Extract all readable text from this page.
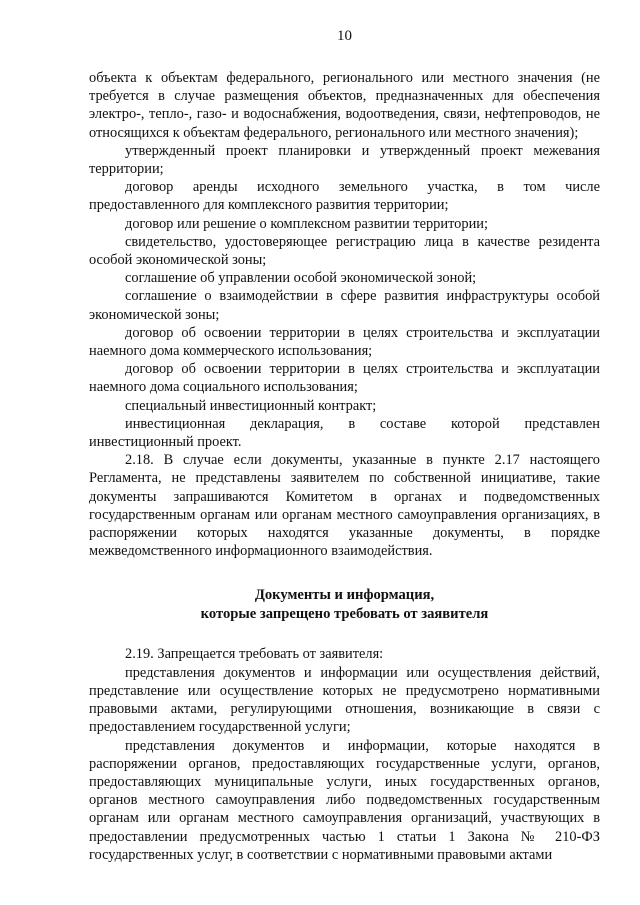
10

объекта к объектам федерального, регионального или местного значения (не требуется в случае размещения объектов, предназначенных для обеспечения электро-, тепло-, газо- и водоснабжения, водоотведения, связи, нефтепроводов, не относящихся к объектам федерального, регионального или местного значения);

утвержденный проект планировки и утвержденный проект межевания территории;

договор аренды исходного земельного участка, в том числе предоставленного для комплексного развития территории;

договор или решение о комплексном развитии территории;

свидетельство, удостоверяющее регистрацию лица в качестве резидента особой экономической зоны;

соглашение об управлении особой экономической зоной;

соглашение о взаимодействии в сфере развития инфраструктуры особой экономической зоны;

договор об освоении территории в целях строительства и эксплуатации наемного дома коммерческого использования;

договор об освоении территории в целях строительства и эксплуатации наемного дома социального использования;

специальный инвестиционный контракт;

инвестиционная декларация, в составе которой представлен инвестиционный проект.

2.18. В случае если документы, указанные в пункте 2.17 настоящего Регламента, не представлены заявителем по собственной инициативе, такие документы запрашиваются Комитетом в органах и подведомственных государственным органам или органам местного самоуправления организациях, в распоряжении которых находятся указанные документы, в порядке межведомственного информационного взаимодействия.

Документы и информация,
которые запрещено требовать от заявителя

2.19. Запрещается требовать от заявителя:

представления документов и информации или осуществления действий, представление или осуществление которых не предусмотрено нормативными правовыми актами, регулирующими отношения, возникающие в связи с предоставлением государственной услуги;

представления документов и информации, которые находятся в распоряжении органов, предоставляющих государственные услуги, органов, предоставляющих муниципальные услуги, иных государственных органов, органов местного самоуправления либо подведомственных государственным органам или органам местного самоуправления организаций, участвующих в предоставлении предусмотренных частью 1 статьи 1 Закона № 210-ФЗ государственных услуг, в соответствии с нормативными правовыми актами
